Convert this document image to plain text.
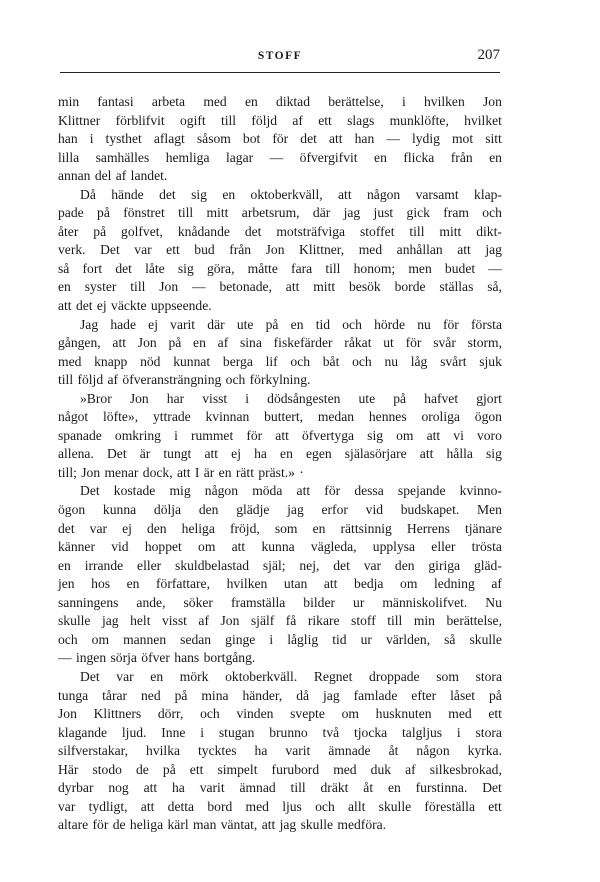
STOFF	207
min fantasi arbeta med en diktad berättelse, i hvilken Jon
Klittner förblifvit ogift till följd af ett slags munklöfte, hvilket
han i tysthet aflagt såsom bot för det att han — lydig mot sitt
lilla samhälles hemliga lagar — öfvergifvit en flicka från en
annan del af landet.
Då hände det sig en oktoberkväll, att någon varsamt klap-
pade på fönstret till mitt arbetsrum, där jag just gick fram och
åter på golfvet, knådande det motsträfviga stoffet till mitt dikt-
verk. Det var ett bud från Jon Klittner, med anhållan att jag
så fort det låte sig göra, måtte fara till honom; men budet —
en syster till Jon — betonade, att mitt besök borde ställas så,
att det ej väckte uppseende.
Jag hade ej varit där ute på en tid och hörde nu för första
gången, att Jon på en af sina fiskefärder råkat ut för svår storm,
med knapp nöd kunnat berga lif och båt och nu låg svårt sjuk
till följd af öfveransträngning och förkylning.
»Bror Jon har visst i dödsångesten ute på hafvet gjort
något löfte», yttrade kvinnan buttert, medan hennes oroliga ögon
spanade omkring i rummet för att öfvertyga sig om att vi voro
allena. Det är tungt att ej ha en egen själasörjare att hålla sig
till; Jon menar dock, att I är en rätt präst.» ·
Det kostade mig någon möda att för dessa spejande kvinno-
ögon kunna dölja den glädje jag erfor vid budskapet. Men
det var ej den heliga fröjd, som en rättsinnig Herrens tjänare
känner vid hoppet om att kunna vägleda, upplysa eller trösta
en irrande eller skuldbelastad själ; nej, det var den giriga gläd-
jen hos en författare, hvilken utan att bedja om ledning af
sanningens ande, söker framställa bilder ur människolifvet. Nu
skulle jag helt visst af Jon själf få rikare stoff till min berättelse,
och om mannen sedan ginge i låglig tid ur världen, så skulle
— ingen sörja öfver hans bortgång.
Det var en mörk oktoberkväll. Regnet droppade som stora
tunga tårar ned på mina händer, då jag famlade efter låset på
Jon Klittners dörr, och vinden svepte om husknuten med ett
klagande ljud. Inne i stugan brunno två tjocka talgljus i stora
silfverstakar, hvilka tycktes ha varit ämnade åt någon kyrka.
Här stodo de på ett simpelt furubord med duk af silkesbrokad,
dyrbar nog att ha varit ämnad till dräkt åt en furstinna. Det
var tydligt, att detta bord med ljus och allt skulle föreställa ett
altare för de heliga kärl man väntat, att jag skulle medföra.
